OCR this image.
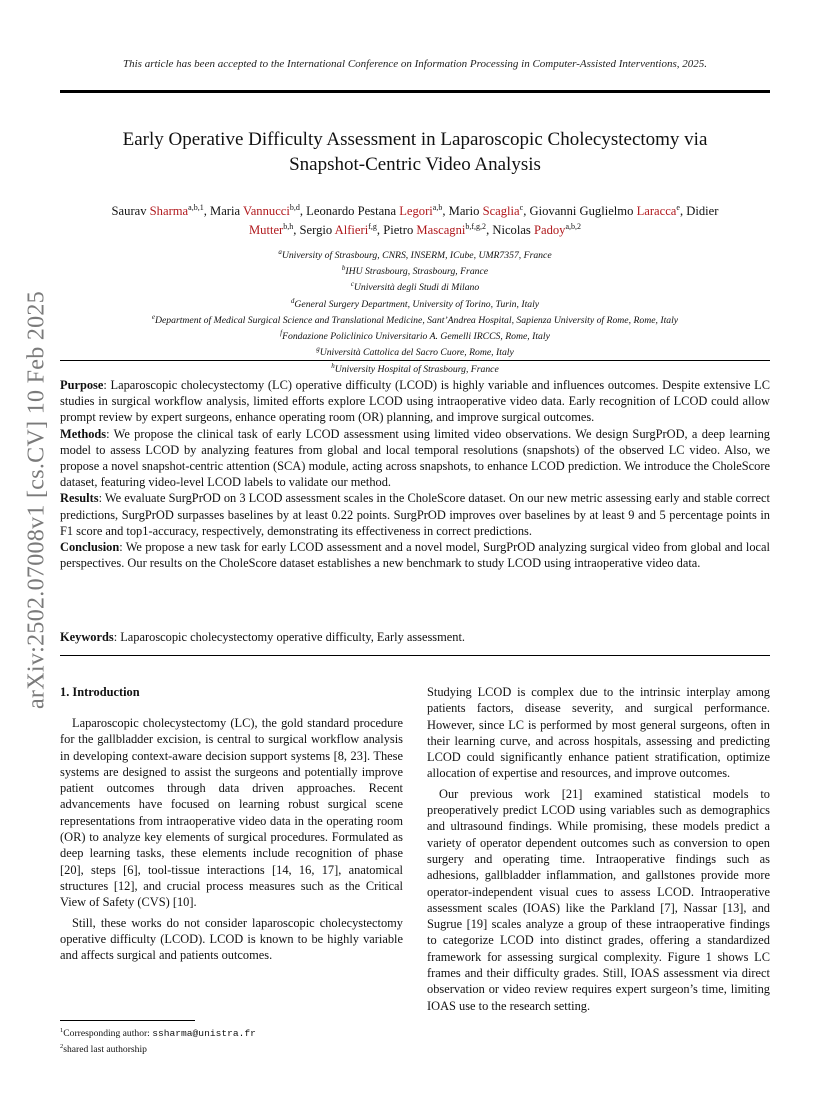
arXiv:2502.07008v1 [cs.CV] 10 Feb 2025
This article has been accepted to the International Conference on Information Processing in Computer-Assisted Interventions, 2025.
Early Operative Difficulty Assessment in Laparoscopic Cholecystectomy via
Snapshot-Centric Video Analysis
Saurav Sharma$^{a,b,1}$, Maria Vannucci$^{b,d}$, Leonardo Pestana Legori$^{a,b}$, Mario Scaglia$^c$, Giovanni Guglielmo Laracca$^e$, Didier
Mutter$^{b,h}$, Sergio Alfieri$^{f,g}$, Pietro Mascagni$^{b,f,g,2}$, Nicolas Padoy$^{a,b,2}$
$^a$University of Strasbourg, CNRS, INSERM, ICube, UMR7357, France
$^b$IHU Strasbourg, Strasbourg, France
$^c$Università degli Studi di Milano
$^d$General Surgery Department, University of Torino, Turin, Italy
$^e$Department of Medical Surgical Science and Translational Medicine, Sant’Andrea Hospital, Sapienza University of Rome, Rome, Italy
$^f$Fondazione Policlinico Universitario A. Gemelli IRCCS, Rome, Italy
$^g$Università Cattolica del Sacro Cuore, Rome, Italy
$^h$University Hospital of Strasbourg, France

Purpose: Laparoscopic cholecystectomy (LC) operative difficulty (LCOD) is highly variable and influences outcomes. Despite extensive LC studies in surgical workflow analysis, limited efforts explore LCOD using intraoperative video data. Early recognition of LCOD could allow prompt review by expert surgeons, enhance operating room (OR) planning, and improve surgical outcomes.

Methods: We propose the clinical task of early LCOD assessment using limited video observations. We design SurgPrOD, a deep learning model to assess LCOD by analyzing features from global and local temporal resolutions (snapshots) of the observed LC video. Also, we propose a novel snapshot-centric attention (SCA) module, acting across snapshots, to enhance LCOD prediction. We introduce the CholeScore dataset, featuring video-level LCOD labels to validate our method.

Results: We evaluate SurgPrOD on 3 LCOD assessment scales in the CholeScore dataset. On our new metric assessing early and stable correct predictions, SurgPrOD surpasses baselines by at least 0.22 points. SurgPrOD improves over baselines by at least 9 and 5 percentage points in F1 score and top1-accuracy, respectively, demonstrating its effectiveness in correct predictions.

Conclusion: We propose a new task for early LCOD assessment and a novel model, SurgPrOD analyzing surgical video from global and local perspectives. Our results on the CholeScore dataset establishes a new benchmark to study LCOD using intraoperative video data.

Keywords: Laparoscopic cholecystectomy operative difficulty, Early assessment.
1. Introduction

Laparoscopic cholecystectomy (LC), the gold standard procedure for the gallbladder excision, is central to surgical workflow analysis in developing context-aware decision support systems [8, 23]. These systems are designed to assist the surgeons and potentially improve patient outcomes through data driven approaches. Recent advancements have focused on learning robust surgical scene representations from intraoperative video data in the operating room (OR) to analyze key elements of surgical procedures. Formulated as deep learning tasks, these elements include recognition of phase [20], steps [6], tool-tissue interactions [14, 16, 17], anatomical structures [12], and crucial process measures such as the Critical View of Safety (CVS) [10].

Still, these works do not consider laparoscopic cholecystectomy operative difficulty (LCOD). LCOD is known to be highly variable and affects surgical and patients outcomes.

Studying LCOD is complex due to the intrinsic interplay among patients factors, disease severity, and surgical performance. However, since LC is performed by most general surgeons, often in their learning curve, and across hospitals, assessing and predicting LCOD could significantly enhance patient stratification, optimize allocation of expertise and resources, and improve outcomes.

Our previous work [21] examined statistical models to preoperatively predict LCOD using variables such as demographics and ultrasound findings. While promising, these models predict a variety of operator dependent outcomes such as conversion to open surgery and operating time. Intraoperative findings such as adhesions, gallbladder inflammation, and gallstones provide more operator-independent visual cues to assess LCOD. Intraoperative assessment scales (IOAS) like the Parkland [7], Nassar [13], and Sugrue [19] scales analyze a group of these intraoperative findings to categorize LCOD into distinct grades, offering a standardized framework for assessing surgical complexity. Figure 1 shows LC frames and their difficulty grades. Still, IOAS assessment via direct observation or video review requires expert surgeon’s time, limiting IOAS use to the research setting.

$^1$Corresponding author: ssharma@unistra.fr
$^2$shared last authorship
